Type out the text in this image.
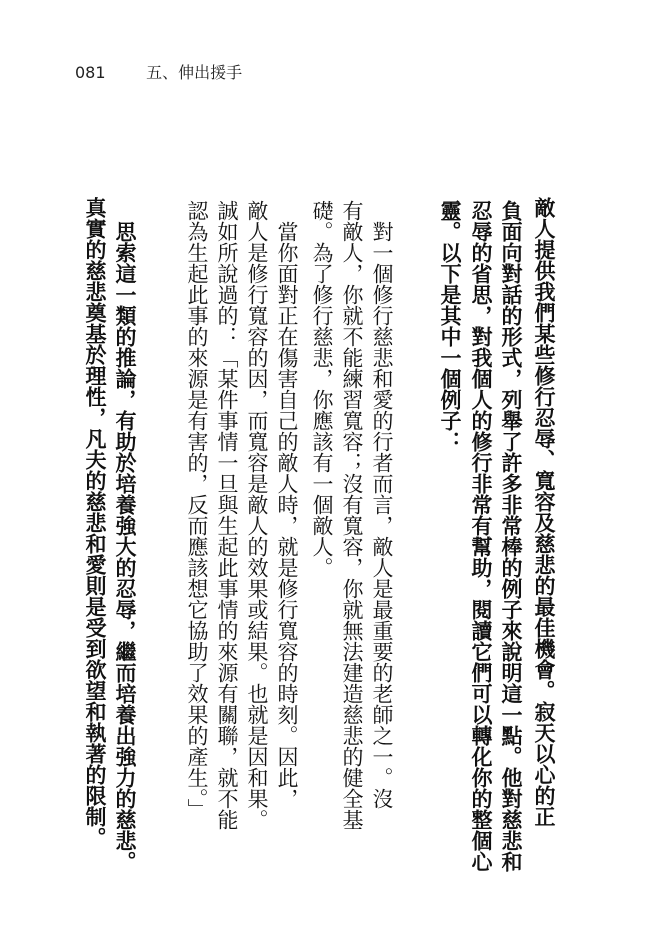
081	五、伸出援手

敵人提供我們某些修行忍辱、寬容及慈悲的最佳機會。寂天以心的正

負面向對話的形式，列舉了許多非常棒的例子來說明這一點。他對慈悲和

忍辱的省思，對我個人的修行非常有幫助，閱讀它們可以轉化你的整個心

靈。以下是其中一個例子：

對一個修行慈悲和愛的行者而言，敵人是最重要的老師之一。沒

有敵人，你就不能練習寬容；沒有寬容，你就無法建造慈悲的健全基

礎。為了修行慈悲，你應該有一個敵人。

當你面對正在傷害自己的敵人時，就是修行寬容的時刻。因此，

敵人是修行寬容的因，而寬容是敵人的效果或結果。也就是因和果。

誠如所說過的：「某件事情一旦與生起此事情的來源有關聯，就不能

認為生起此事的來源是有害的，反而應該想它協助了效果的產生。」

思索這一類的推論，有助於培養強大的忍辱，繼而培養出強力的慈悲。

真實的慈悲奠基於理性，凡夫的慈悲和愛則是受到欲望和執著的限制。
